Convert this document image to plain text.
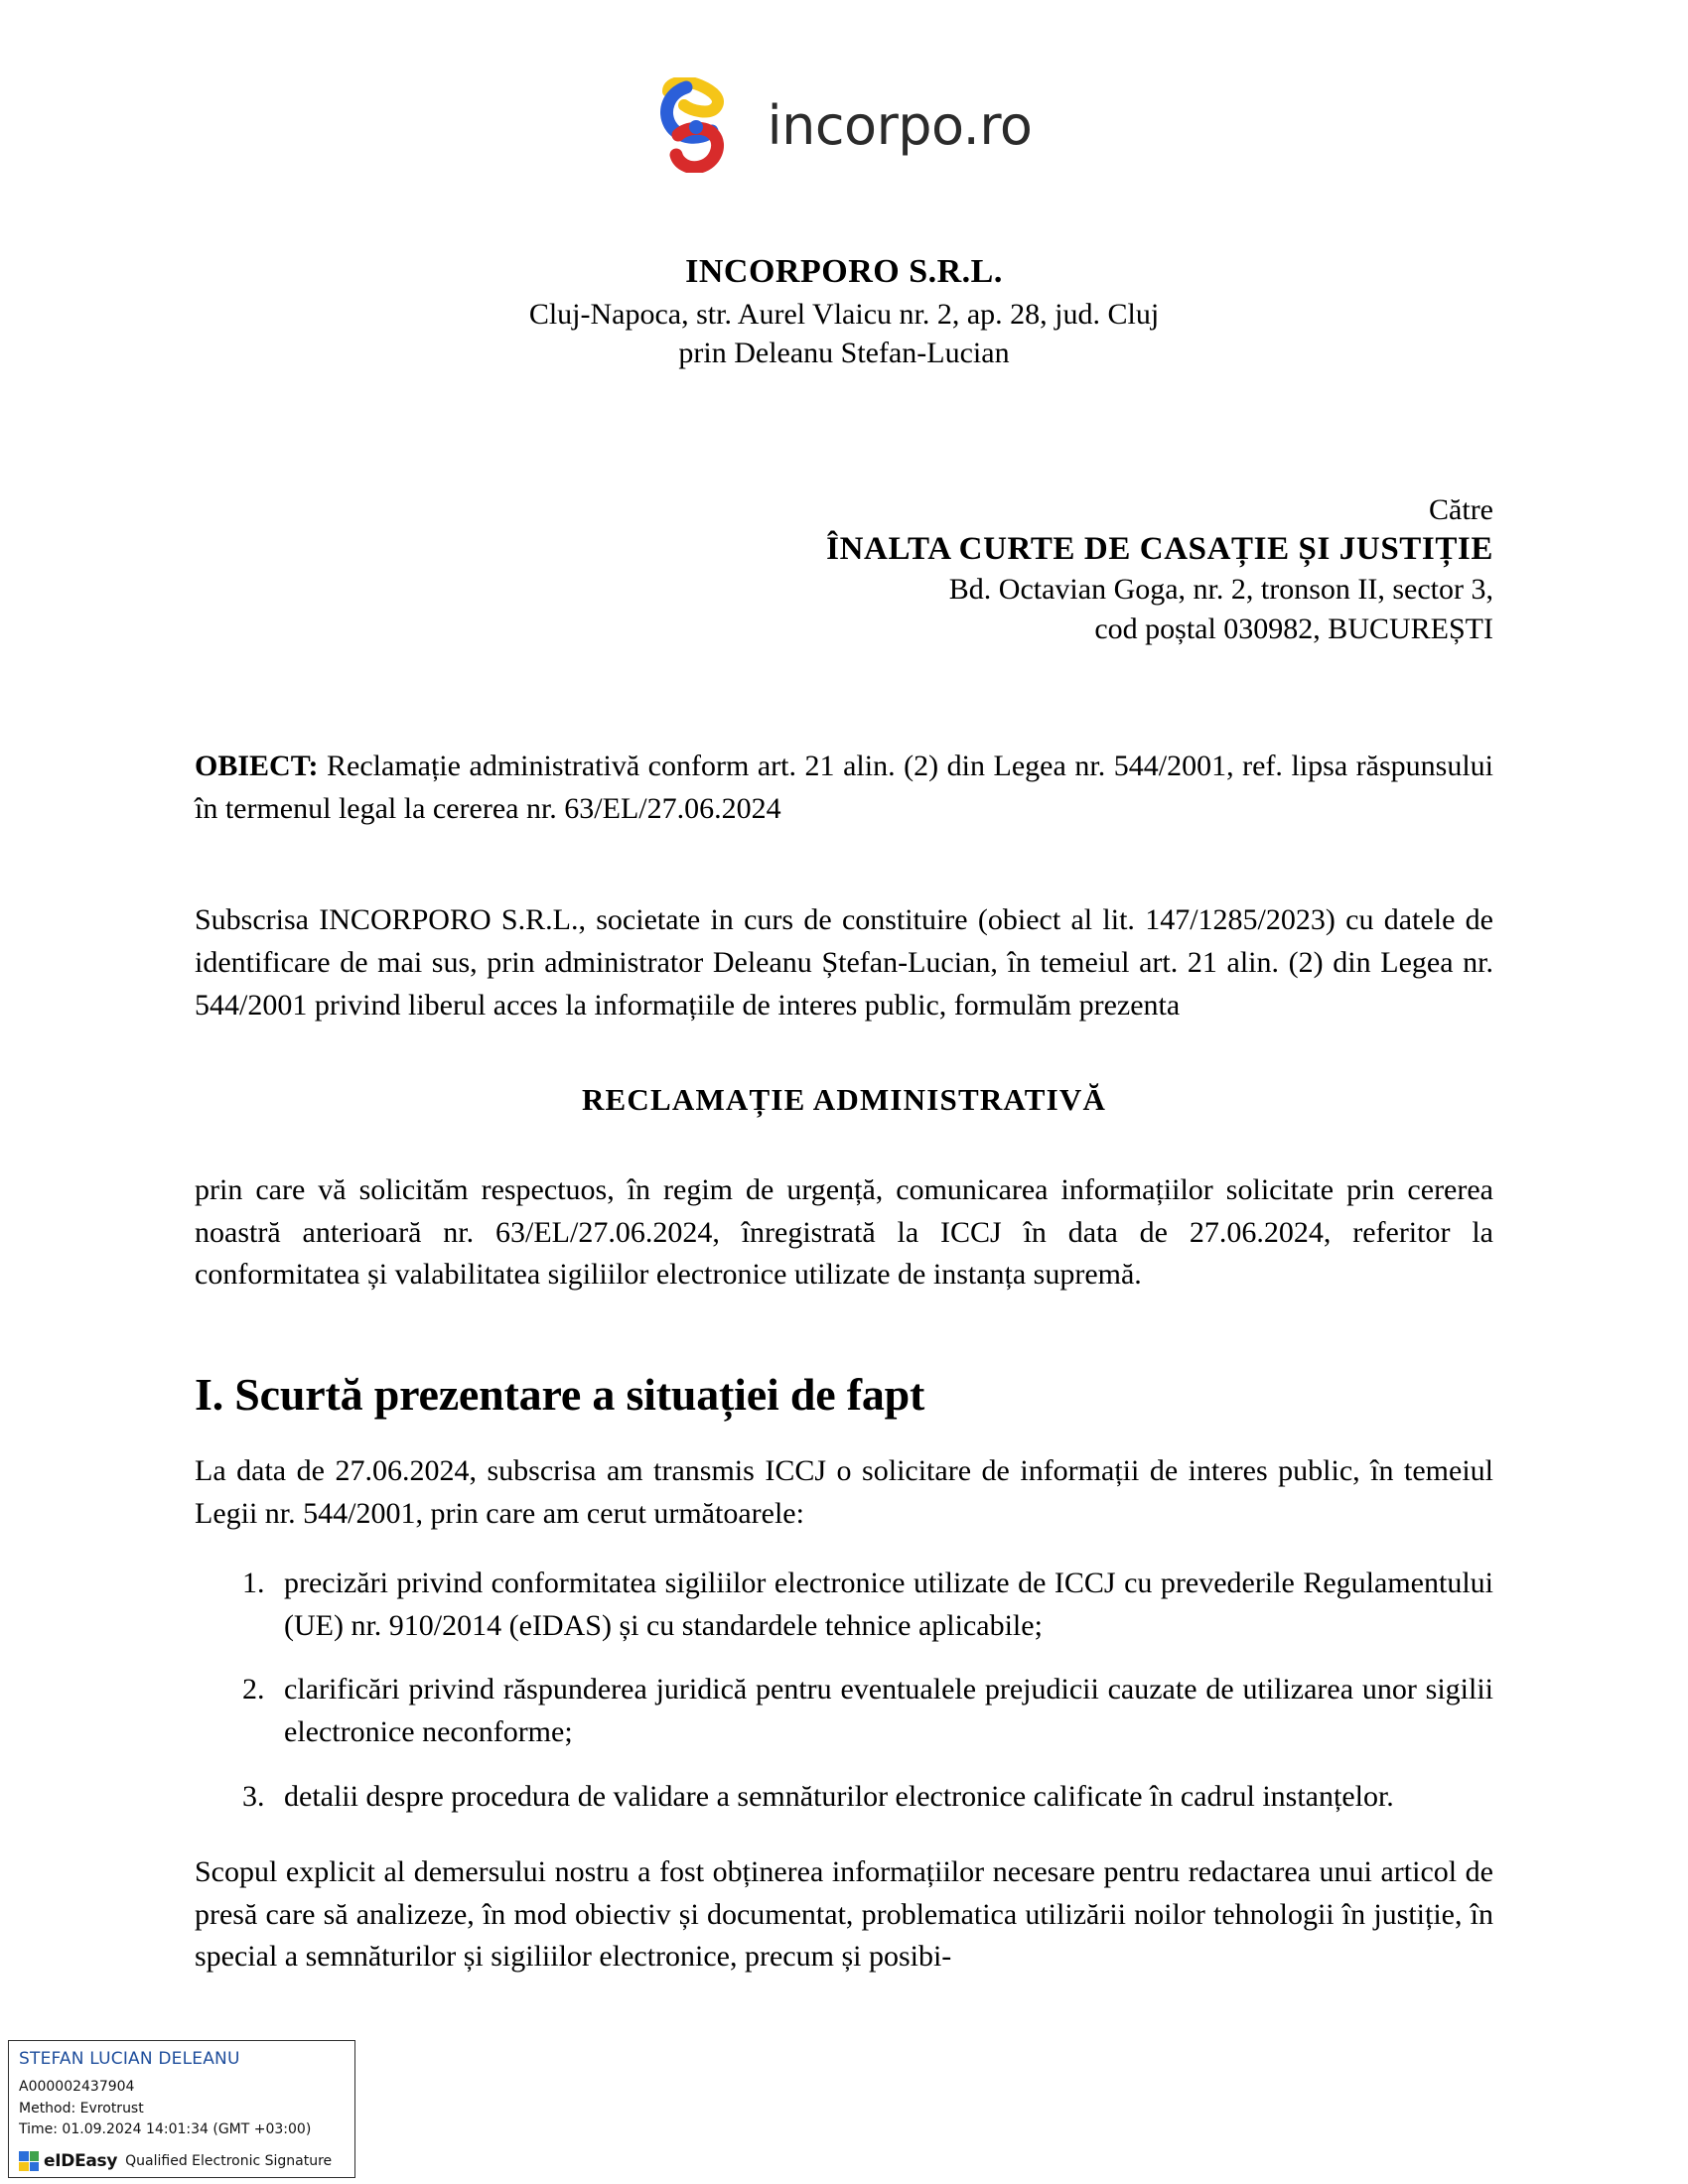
incorpo.ro

INCORPORO S.R.L.

Cluj-Napoca, str. Aurel Vlaicu nr. 2, ap. 28, jud. Cluj

prin Deleanu Stefan-Lucian

Către

ÎNALTA CURTE DE CASAȚIE ȘI JUSTIȚIE

Bd. Octavian Goga, nr. 2, tronson II, sector 3,

cod poștal 030982, BUCUREȘTI

OBIECT: Reclamație administrativă conform art. 21 alin. (2) din Legea nr. 544/2001, ref. lipsa răspunsului în termenul legal la cererea nr. 63/EL/27.06.2024

Subscrisa INCORPORO S.R.L., societate in curs de constituire (obiect al lit. 147/1285/2023) cu datele de identificare de mai sus, prin administrator Deleanu Ștefan-Lucian, în temeiul art. 21 alin. (2) din Legea nr. 544/2001 privind liberul acces la informațiile de interes public, formulăm prezenta

RECLAMAȚIE ADMINISTRATIVĂ

prin care vă solicităm respectuos, în regim de urgență, comunicarea informațiilor solicitate prin cererea noastră anterioară nr. 63/EL/27.06.2024, înregistrată la ICCJ în data de 27.06.2024, referitor la conformitatea și valabilitatea sigiliilor electronice utilizate de instanța supremă.

I. Scurtă prezentare a situației de fapt

La data de 27.06.2024, subscrisa am transmis ICCJ o solicitare de informații de interes public, în temeiul Legii nr. 544/2001, prin care am cerut următoarele:

1. precizări privind conformitatea sigiliilor electronice utilizate de ICCJ cu prevederile Regulamentului (UE) nr. 910/2014 (eIDAS) și cu standardele tehnice aplicabile;
2. clarificări privind răspunderea juridică pentru eventualele prejudicii cauzate de utilizarea unor sigilii electronice neconforme;
3. detalii despre procedura de validare a semnăturilor electronice calificate în cadrul instanțelor.

Scopul explicit al demersului nostru a fost obținerea informațiilor necesare pentru redactarea unui articol de presă care să analizeze, în mod obiectiv și documentat, problematica utilizării noilor tehnologii în justiție, în special a semnăturilor și sigiliilor electronice, precum și posibi-

STEFAN LUCIAN DELEANU
A000002437904
Method: Evrotrust
Time: 01.09.2024 14:01:34 (GMT +03:00)
eIDEasy Qualified Electronic Signature
